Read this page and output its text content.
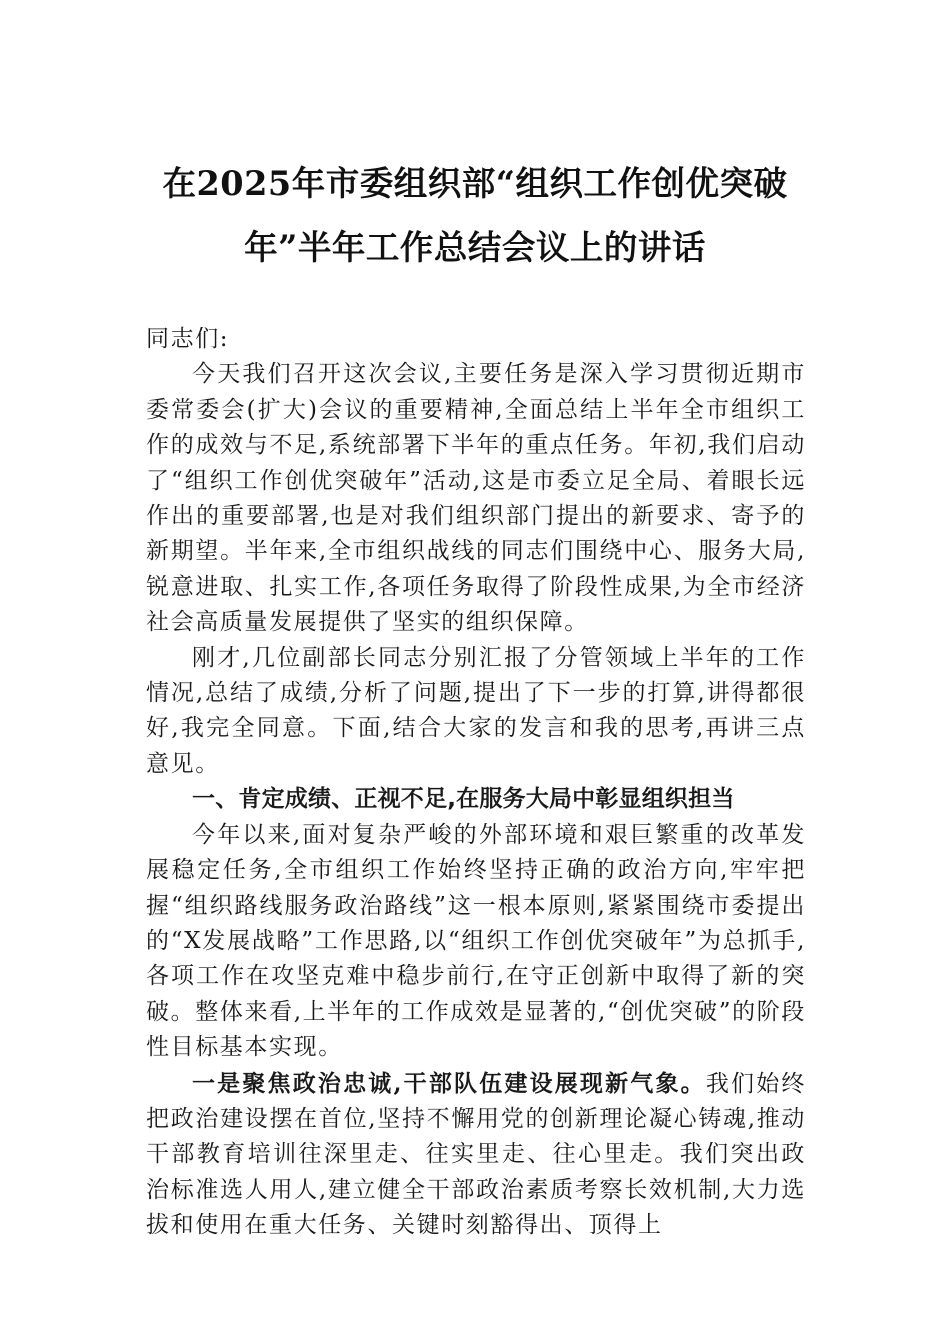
在2025年市委组织部“组织工作创优突破
年”半年工作总结会议上的讲话

同志们:

今天我们召开这次会议,主要任务是深入学习贯彻近期市委常委会(扩大)会议的重要精神,全面总结上半年全市组织工作的成效与不足,系统部署下半年的重点任务。年初,我们启动了“组织工作创优突破年”活动,这是市委立足全局、着眼长远作出的重要部署,也是对我们组织部门提出的新要求、寄予的新期望。半年来,全市组织战线的同志们围绕中心、服务大局,锐意进取、扎实工作,各项任务取得了阶段性成果,为全市经济社会高质量发展提供了坚实的组织保障。

刚才,几位副部长同志分别汇报了分管领域上半年的工作情况,总结了成绩,分析了问题,提出了下一步的打算,讲得都很好,我完全同意。下面,结合大家的发言和我的思考,再讲三点意见。

一、肯定成绩、正视不足,在服务大局中彰显组织担当

今年以来,面对复杂严峻的外部环境和艰巨繁重的改革发展稳定任务,全市组织工作始终坚持正确的政治方向,牢牢把握“组织路线服务政治路线”这一根本原则,紧紧围绕市委提出的“X发展战略”工作思路,以“组织工作创优突破年”为总抓手,各项工作在攻坚克难中稳步前行,在守正创新中取得了新的突破。整体来看,上半年的工作成效是显著的,“创优突破”的阶段性目标基本实现。

一是聚焦政治忠诚,干部队伍建设展现新气象。我们始终把政治建设摆在首位,坚持不懈用党的创新理论凝心铸魂,推动干部教育培训往深里走、往实里走、往心里走。我们突出政治标准选人用人,建立健全干部政治素质考察长效机制,大力选拔和使用在重大任务、关键时刻豁得出、顶得上
